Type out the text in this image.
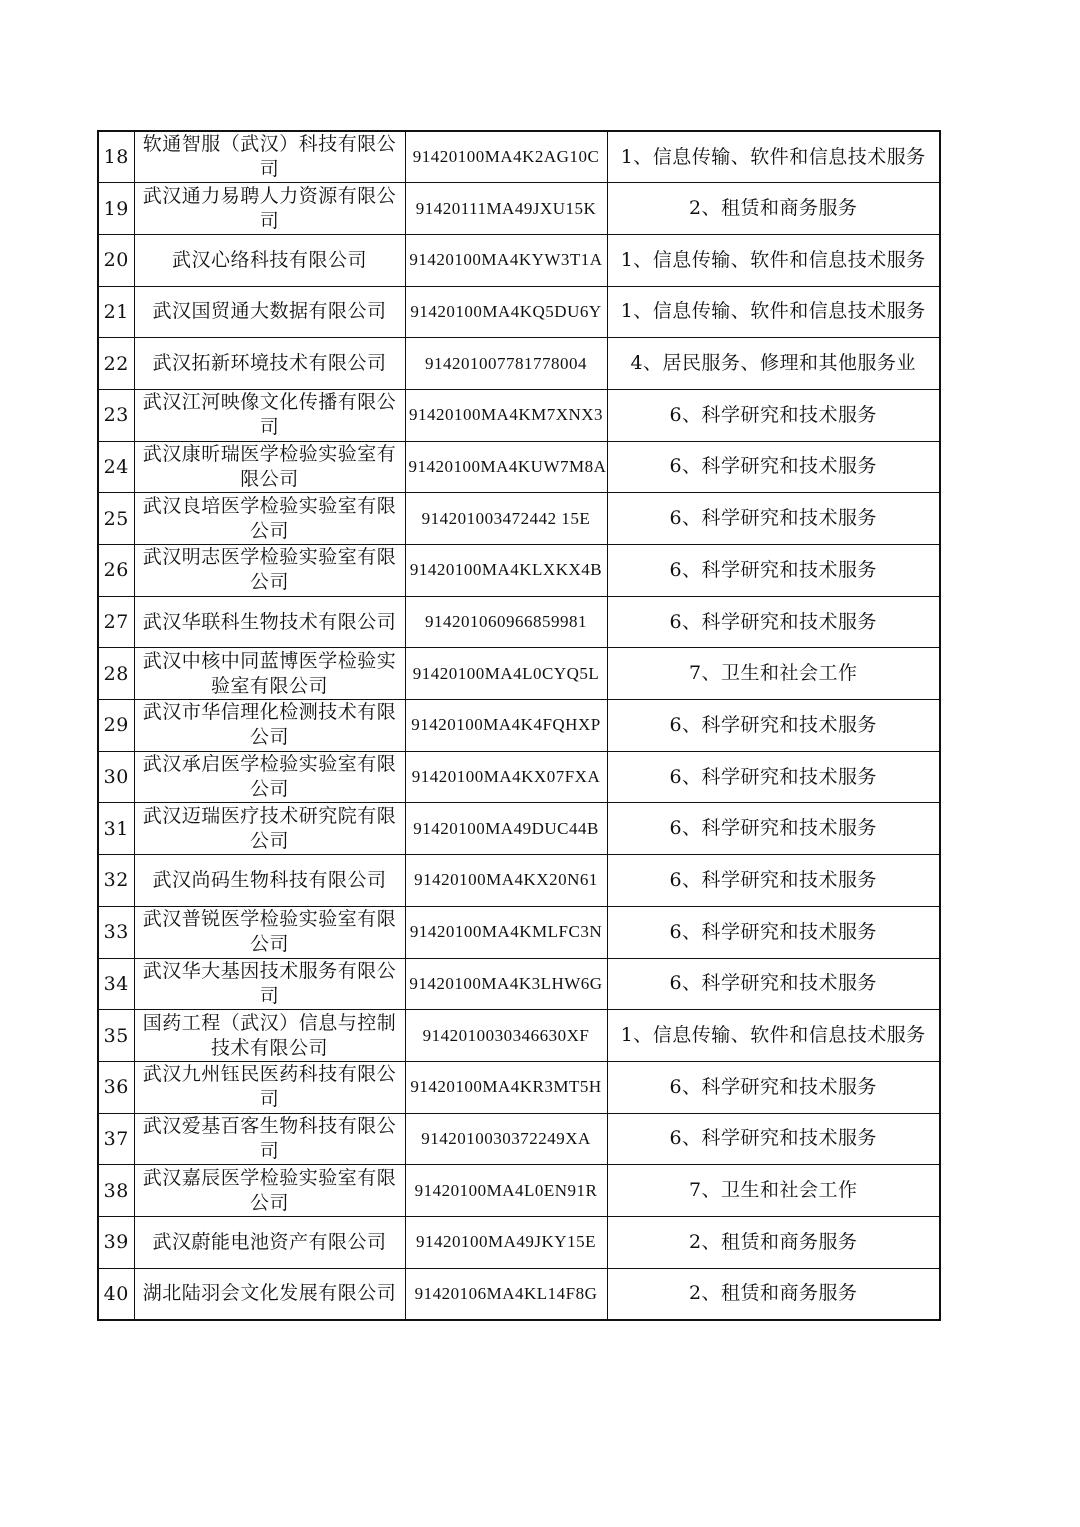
18	软通智服（武汉）科技有限公司	91420100MA4K2AG10C	1、信息传输、软件和信息技术服务
19	武汉通力易聘人力资源有限公司	91420111MA49JXU15K	2、租赁和商务服务
20	武汉心络科技有限公司	91420100MA4KYW3T1A	1、信息传输、软件和信息技术服务
21	武汉国贸通大数据有限公司	91420100MA4KQ5DU6Y	1、信息传输、软件和信息技术服务
22	武汉拓新环境技术有限公司	914201007781778004	4、居民服务、修理和其他服务业
23	武汉江河映像文化传播有限公司	91420100MA4KM7XNX3	6、科学研究和技术服务
24	武汉康昕瑞医学检验实验室有限公司	91420100MA4KUW7M8A	6、科学研究和技术服务
25	武汉良培医学检验实验室有限公司	914201003472442 15E	6、科学研究和技术服务
26	武汉明志医学检验实验室有限公司	91420100MA4KLXKX4B	6、科学研究和技术服务
27	武汉华联科生物技术有限公司	914201060966859981	6、科学研究和技术服务
28	武汉中核中同蓝博医学检验实验室有限公司	91420100MA4L0CYQ5L	7、卫生和社会工作
29	武汉市华信理化检测技术有限公司	91420100MA4K4FQHXP	6、科学研究和技术服务
30	武汉承启医学检验实验室有限公司	91420100MA4KX07FXA	6、科学研究和技术服务
31	武汉迈瑞医疗技术研究院有限公司	91420100MA49DUC44B	6、科学研究和技术服务
32	武汉尚码生物科技有限公司	91420100MA4KX20N61	6、科学研究和技术服务
33	武汉普锐医学检验实验室有限公司	91420100MA4KMLFC3N	6、科学研究和技术服务
34	武汉华大基因技术服务有限公司	91420100MA4K3LHW6G	6、科学研究和技术服务
35	国药工程（武汉）信息与控制技术有限公司	9142010030346630XF	1、信息传输、软件和信息技术服务
36	武汉九州钰民医药科技有限公司	91420100MA4KR3MT5H	6、科学研究和技术服务
37	武汉爱基百客生物科技有限公司	9142010030372249XA	6、科学研究和技术服务
38	武汉嘉辰医学检验实验室有限公司	91420100MA4L0EN91R	7、卫生和社会工作
39	武汉蔚能电池资产有限公司	91420100MA49JKY15E	2、租赁和商务服务
40	湖北陆羽会文化发展有限公司	91420106MA4KL14F8G	2、租赁和商务服务
